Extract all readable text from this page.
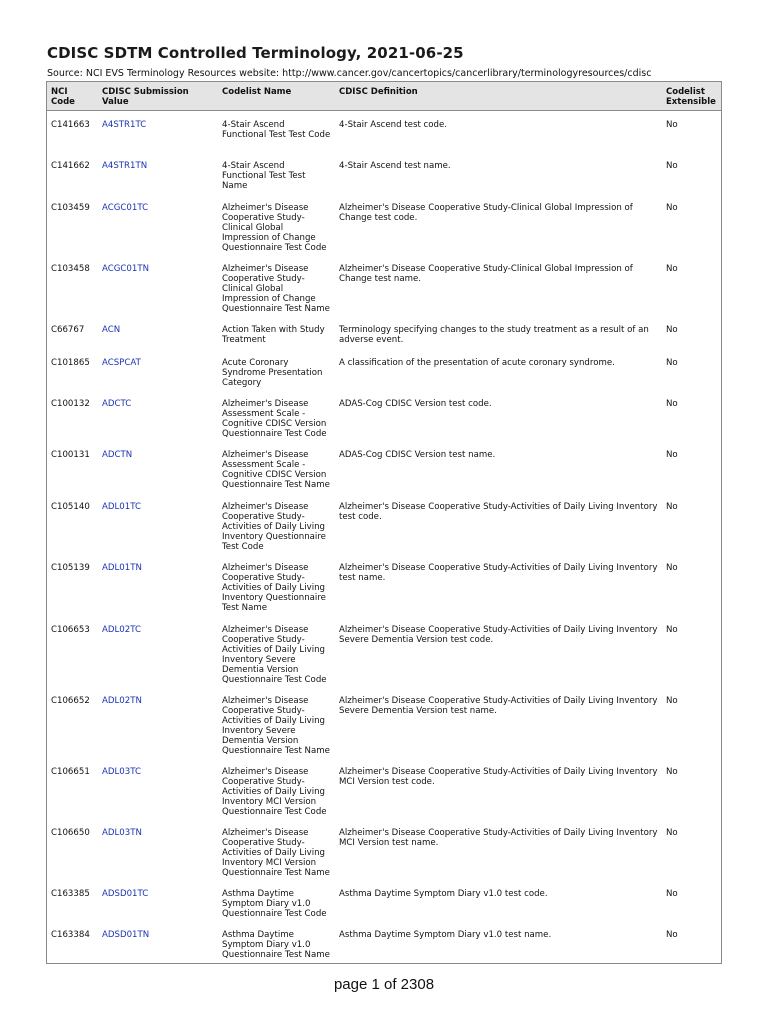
CDISC SDTM Controlled Terminology, 2021-06-25
Source: NCI EVS Terminology Resources website: http://www.cancer.gov/cancertopics/cancerlibrary/terminologyresources/cdisc
NCI Code	CDISC Submission Value	Codelist Name	CDISC Definition	Codelist Extensible
C141663	A4STR1TC	4-Stair Ascend Functional Test Test Code	4-Stair Ascend test code.	No
C141662	A4STR1TN	4-Stair Ascend Functional Test Test Name	4-Stair Ascend test name.	No
C103459	ACGC01TC	Alzheimer's Disease Cooperative Study-Clinical Global Impression of Change Questionnaire Test Code	Alzheimer's Disease Cooperative Study-Clinical Global Impression of Change test code.	No
C103458	ACGC01TN	Alzheimer's Disease Cooperative Study-Clinical Global Impression of Change Questionnaire Test Name	Alzheimer's Disease Cooperative Study-Clinical Global Impression of Change test name.	No
C66767	ACN	Action Taken with Study Treatment	Terminology specifying changes to the study treatment as a result of an adverse event.	No
C101865	ACSPCAT	Acute Coronary Syndrome Presentation Category	A classification of the presentation of acute coronary syndrome.	No
C100132	ADCTC	Alzheimer's Disease Assessment Scale - Cognitive CDISC Version Questionnaire Test Code	ADAS-Cog CDISC Version test code.	No
C100131	ADCTN	Alzheimer's Disease Assessment Scale - Cognitive CDISC Version Questionnaire Test Name	ADAS-Cog CDISC Version test name.	No
C105140	ADL01TC	Alzheimer's Disease Cooperative Study-Activities of Daily Living Inventory Questionnaire Test Code	Alzheimer's Disease Cooperative Study-Activities of Daily Living Inventory test code.	No
C105139	ADL01TN	Alzheimer's Disease Cooperative Study-Activities of Daily Living Inventory Questionnaire Test Name	Alzheimer's Disease Cooperative Study-Activities of Daily Living Inventory test name.	No
C106653	ADL02TC	Alzheimer's Disease Cooperative Study-Activities of Daily Living Inventory Severe Dementia Version Questionnaire Test Code	Alzheimer's Disease Cooperative Study-Activities of Daily Living Inventory Severe Dementia Version test code.	No
C106652	ADL02TN	Alzheimer's Disease Cooperative Study-Activities of Daily Living Inventory Severe Dementia Version Questionnaire Test Name	Alzheimer's Disease Cooperative Study-Activities of Daily Living Inventory Severe Dementia Version test name.	No
C106651	ADL03TC	Alzheimer's Disease Cooperative Study-Activities of Daily Living Inventory MCI Version Questionnaire Test Code	Alzheimer's Disease Cooperative Study-Activities of Daily Living Inventory MCI Version test code.	No
C106650	ADL03TN	Alzheimer's Disease Cooperative Study-Activities of Daily Living Inventory MCI Version Questionnaire Test Name	Alzheimer's Disease Cooperative Study-Activities of Daily Living Inventory MCI Version test name.	No
C163385	ADSD01TC	Asthma Daytime Symptom Diary v1.0 Questionnaire Test Code	Asthma Daytime Symptom Diary v1.0 test code.	No
C163384	ADSD01TN	Asthma Daytime Symptom Diary v1.0 Questionnaire Test Name	Asthma Daytime Symptom Diary v1.0 test name.	No
page 1 of 2308
